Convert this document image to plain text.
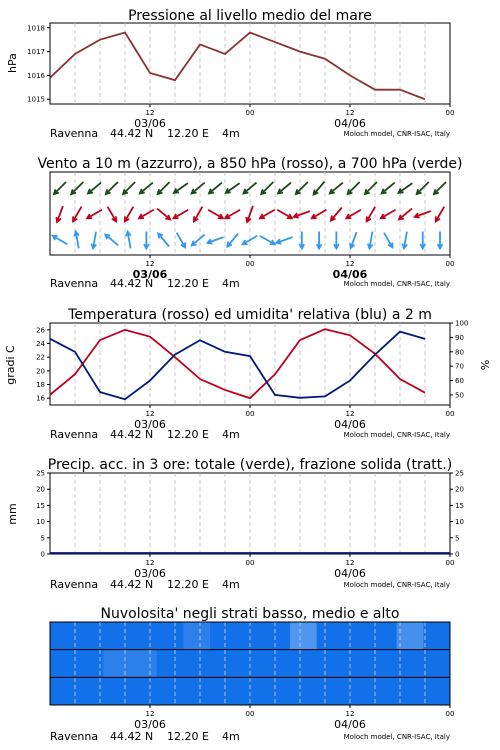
Pressione al livello medio del mare
hPa
1015
1016
1017
1018
12	00	12	00
03/06	04/06
Ravenna 44.42 N 12.20 E 4m	Moloch model, CNR-ISAC, Italy
Vento a 10 m (azzurro), a 850 hPa (rosso), a 700 hPa (verde)
12	00	12	00
03/06	04/06
Ravenna 44.42 N 12.20 E 4m	Moloch model, CNR-ISAC, Italy
Temperatura (rosso) ed umidita' relativa (blu) a 2 m
gradi C	%
16
18
20
22
24
26
50
60
70
80
90
100
12	00	12	00
03/06	04/06
Ravenna 44.42 N 12.20 E 4m	Moloch model, CNR-ISAC, Italy
Precip. acc. in 3 ore: totale (verde), frazione solida (tratt.)
mm
0
5
10
15
20
25
0
5
10
15
20
25
12	00	12	00
03/06	04/06
Ravenna 44.42 N 12.20 E 4m	Moloch model, CNR-ISAC, Italy
Nuvolosita' negli strati basso, medio e alto
12	00	12	00
03/06	04/06
Ravenna 44.42 N 12.20 E 4m	Moloch model, CNR-ISAC, Italy
